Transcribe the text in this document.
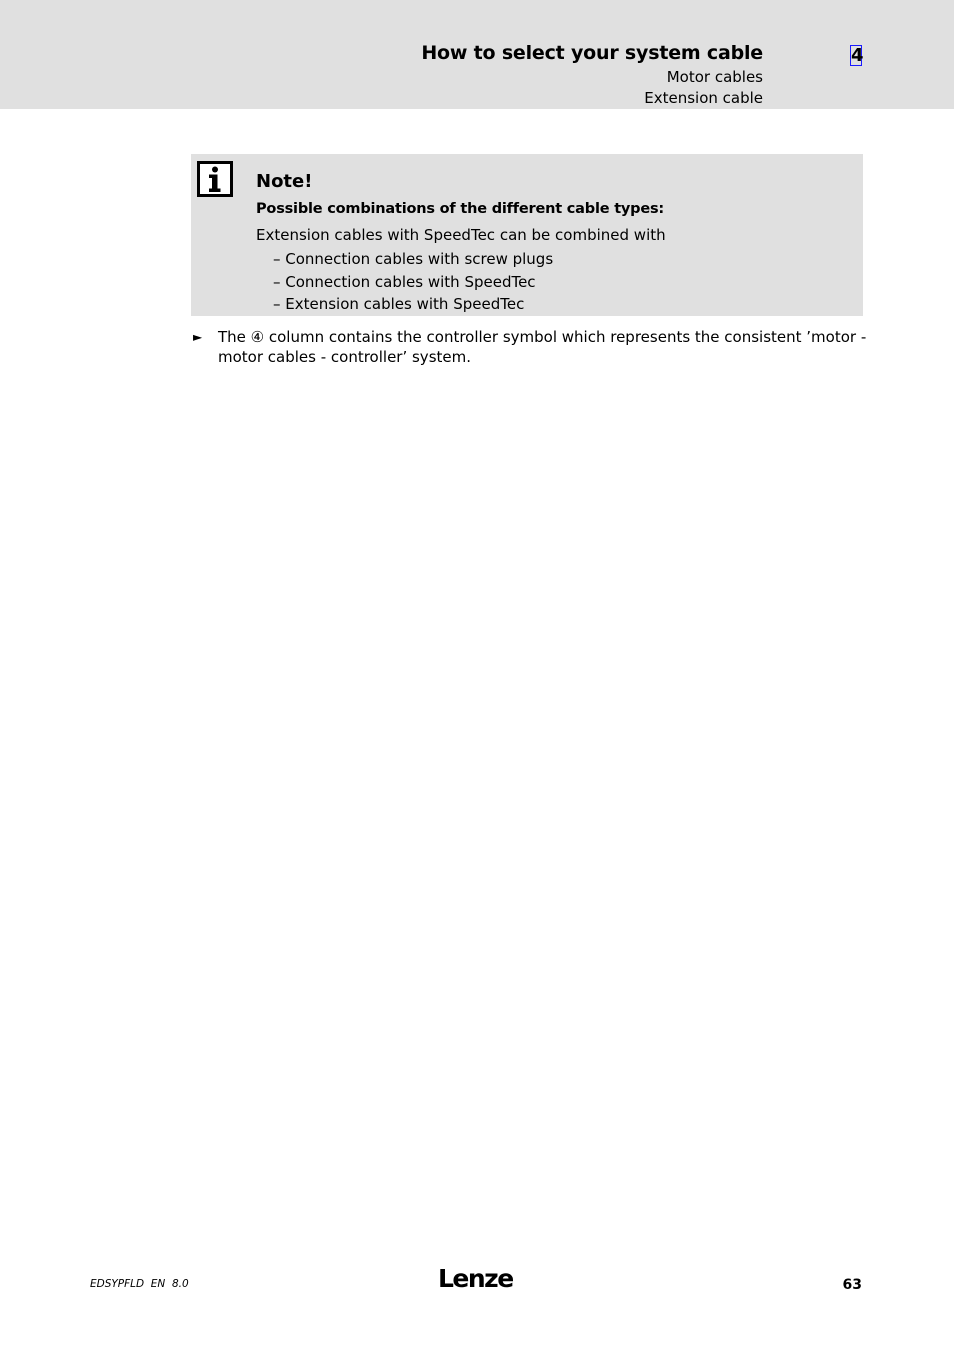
How to select your system cable
Motor cables
Extension cable
4
Note!
Possible combinations of the different cable types:
Extension cables with SpeedTec can be combined with
– Connection cables with screw plugs
– Connection cables with SpeedTec
– Extension cables with SpeedTec
► The ④ column contains the controller symbol which represents the consistent ’motor - motor cables - controller’ system.
EDSYPFLD  EN  8.0	Lenze	63
